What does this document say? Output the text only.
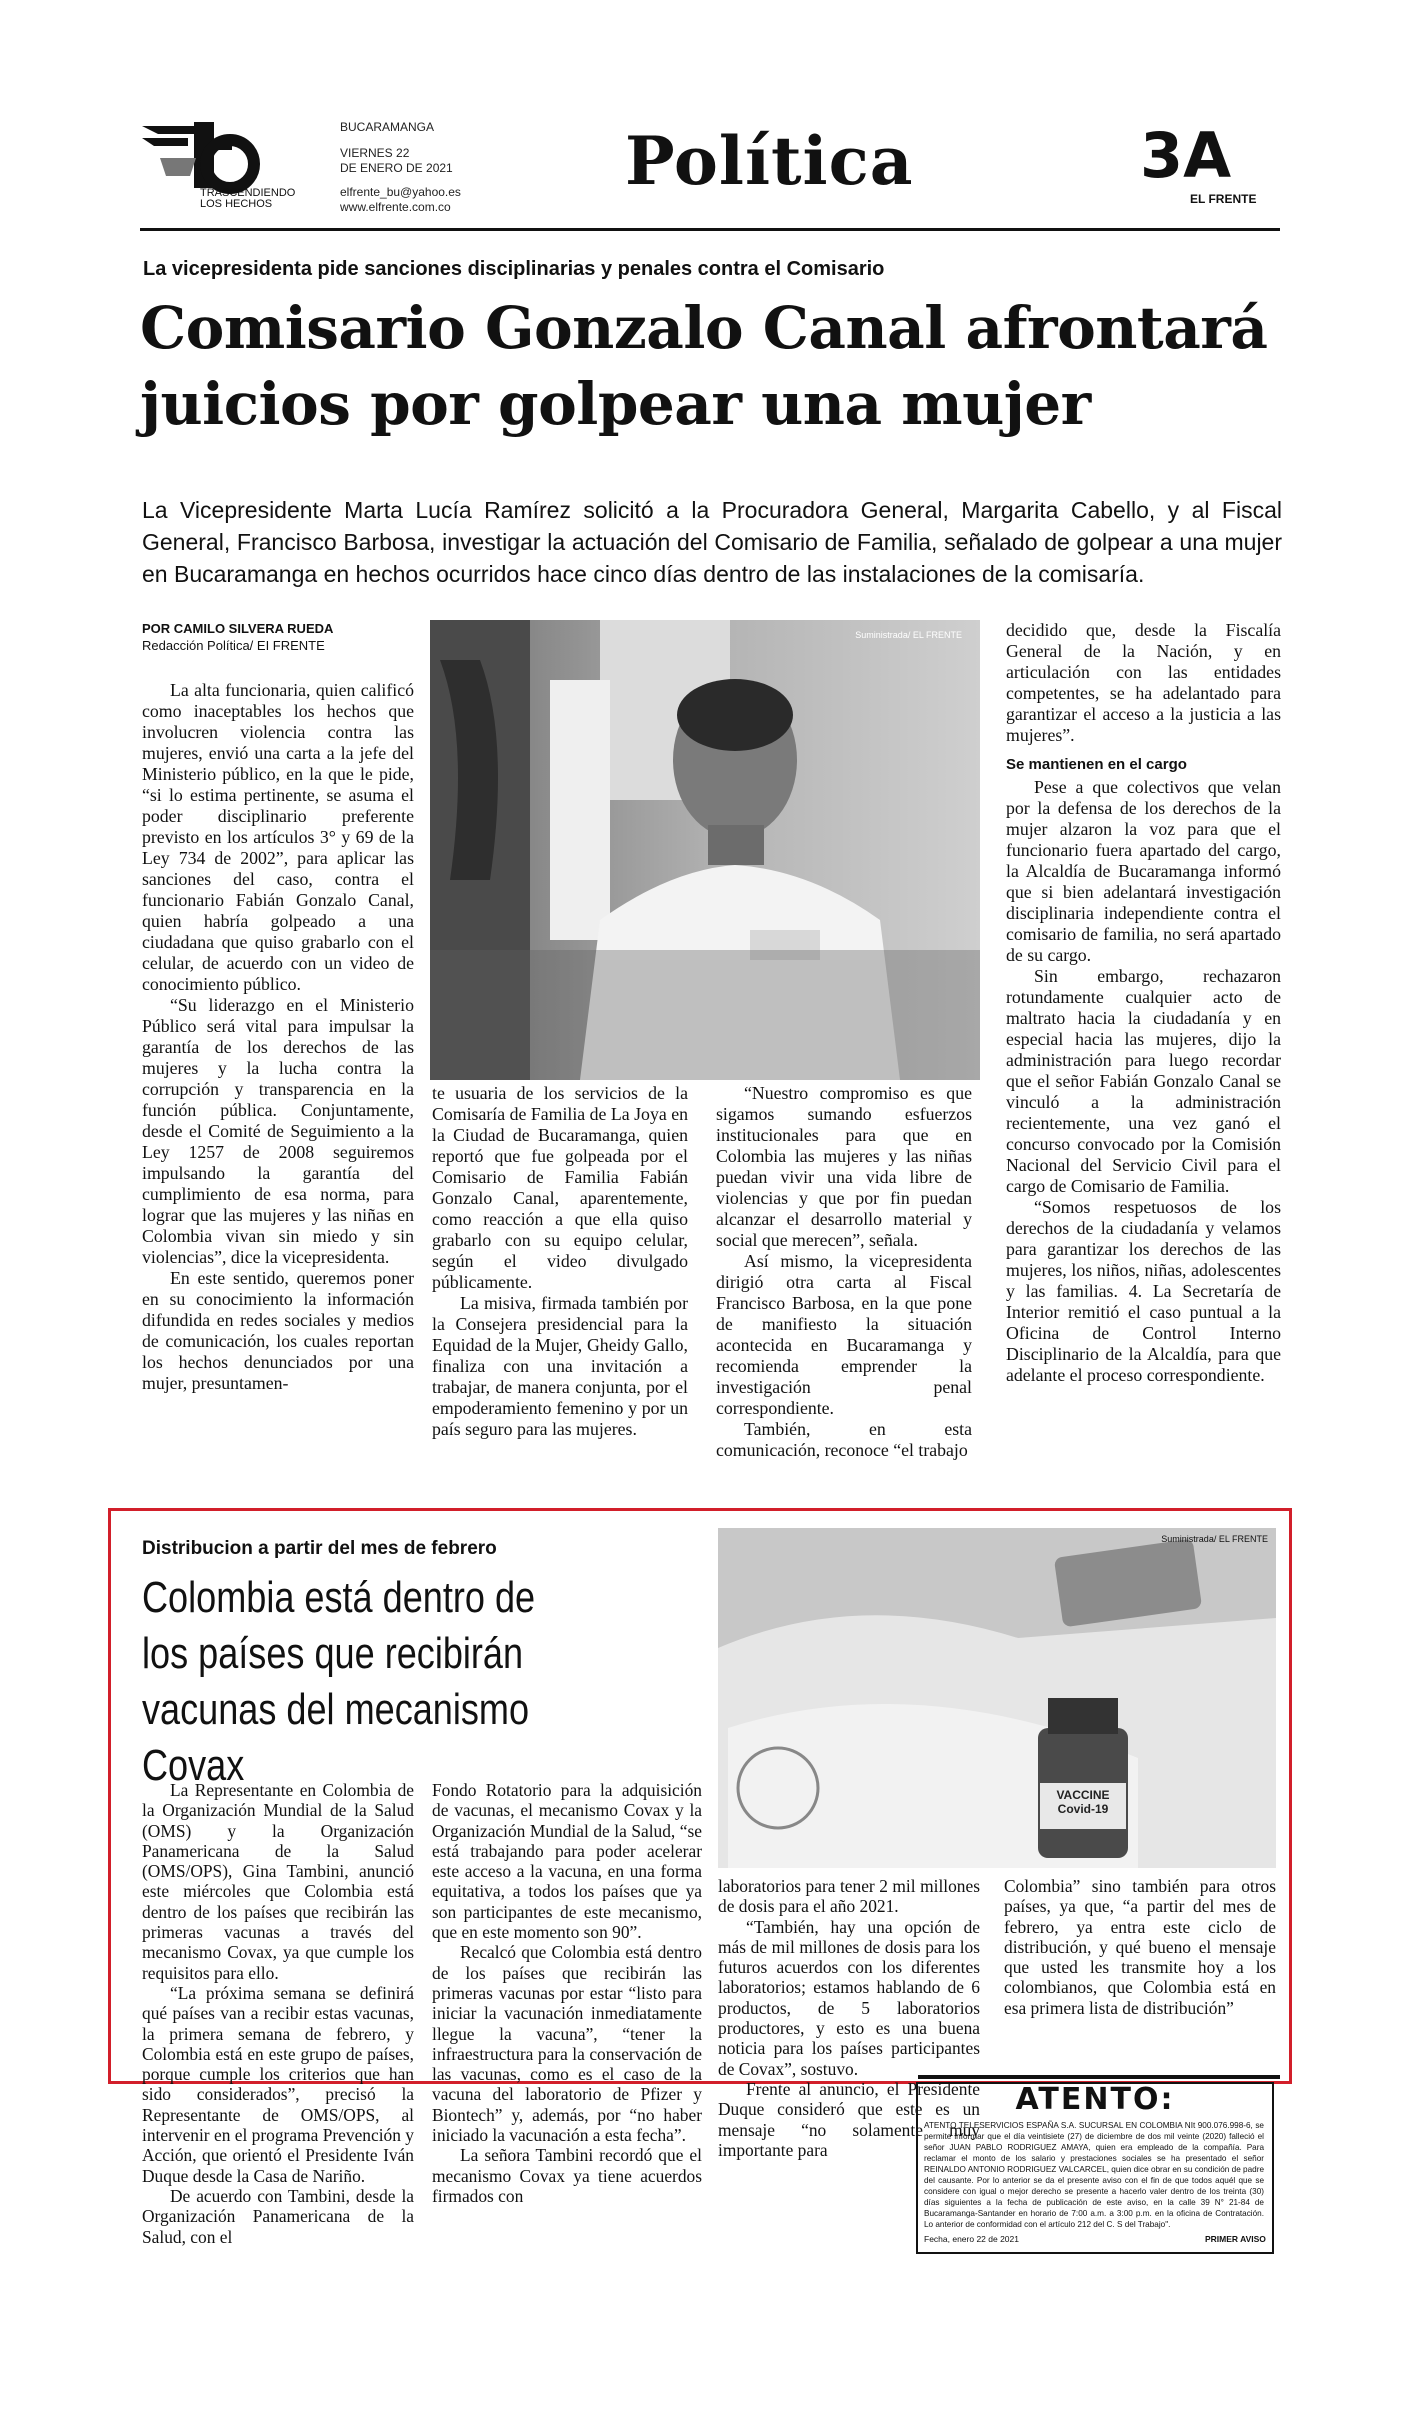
TRASCENDIENDO LOS HECHOS
BUCARAMANGA
VIERNES 22
DE ENERO DE 2021
elfrente_bu@yahoo.es
www.elfrente.com.co
Política	3A
EL FRENTE
La vicepresidenta pide sanciones disciplinarias y penales contra el Comisario
Comisario Gonzalo Canal afrontará juicios por golpear una mujer
La Vicepresidente Marta Lucía Ramírez solicitó a la Procuradora General, Margarita Cabello, y al Fiscal General, Francisco Barbosa, investigar la actuación del Comisario de Familia, señalado de golpear a una mujer en Bucaramanga en hechos ocurridos hace cinco días dentro de las instalaciones de la comisaría.
POR CAMILO SILVERA RUEDA
Redacción Política/ EI FRENTE

La alta funcionaria, quien calificó como inaceptables los hechos que involucren violencia contra las mujeres, envió una carta a la jefe del Ministerio público, en la que le pide, “si lo estima pertinente, se asuma el poder disciplinario preferente previsto en los artículos 3° y 69 de la Ley 734 de 2002”, para aplicar las sanciones del caso, contra el funcionario Fabián Gonzalo Canal, quien habría golpeado a una ciudadana que quiso grabarlo con el celular, de acuerdo con un video de conocimiento público.

“Su liderazgo en el Ministerio Público será vital para impulsar la garantía de los derechos de las mujeres y la lucha contra la corrupción y transparencia en la función pública. Conjuntamente, desde el Comité de Seguimiento a la Ley 1257 de 2008 seguiremos impulsando la garantía del cumplimiento de esa norma, para lograr que las mujeres y las niñas en Colombia vivan sin miedo y sin violencias”, dice la vicepresidenta.

En este sentido, queremos poner en su conocimiento la información difundida en redes sociales y medios de comunicación, los cuales reportan los hechos denunciados por una mujer, presuntamen-

Suministrada/ EL FRENTE

te usuaria de los servicios de la Comisaría de Familia de La Joya en la Ciudad de Bucaramanga, quien reportó que fue golpeada por el Comisario de Familia Fabián Gonzalo Canal, aparentemente, como reacción a que ella quiso grabarlo con su equipo celular, según el video divulgado públicamente.

La misiva, firmada también por la Consejera presidencial para la Equidad de la Mujer, Gheidy Gallo, finaliza con una invitación a trabajar, de manera conjunta, por el empoderamiento femenino y por un país seguro para las mujeres.

“Nuestro compromiso es que sigamos sumando esfuerzos institucionales para que en Colombia las mujeres y las niñas puedan vivir una vida libre de violencias y que por fin puedan alcanzar el desarrollo material y social que merecen”, señala.

Así mismo, la vicepresidenta dirigió otra carta al Fiscal Francisco Barbosa, en la que pone de manifiesto la situación acontecida en Bucaramanga y recomienda emprender la investigación penal correspondiente.

También, en esta comunicación, reconoce “el trabajo

decidido que, desde la Fiscalía General de la Nación, y en articulación con las entidades competentes, se ha adelantado para garantizar el acceso a la justicia a las mujeres”.

Se mantienen en el cargo

Pese a que colectivos que velan por la defensa de los derechos de la mujer alzaron la voz para que el funcionario fuera apartado del cargo, la Alcaldía de Bucaramanga informó que si bien adelantará investigación disciplinaria independiente contra el comisario de familia, no será apartado de su cargo.

Sin embargo, rechazaron rotundamente cualquier acto de maltrato hacia la ciudadanía y en especial hacia las mujeres, dijo la administración para luego recordar que el señor Fabián Gonzalo Canal se vinculó a la administración recientemente, una vez ganó el concurso convocado por la Comisión Nacional del Servicio Civil para el cargo de Comisario de Familia.

“Somos respetuosos de los derechos de la ciudadanía y velamos para garantizar los derechos de las mujeres, los niños, niñas, adolescentes y las familias. 4. La Secretaría de Interior remitió el caso puntual a la Oficina de Control Interno Disciplinario de la Alcaldía, para que adelante el proceso correspondiente.

Distribucion a partir del mes de febrero
Colombia está dentro de los países que recibirán vacunas del mecanismo Covax
Suministrada/ EL FRENTE
VACCINE Covid-19

La Representante en Colombia de la Organización Mundial de la Salud (OMS) y la Organización Panamericana de la Salud (OMS/OPS), Gina Tambini, anunció este miércoles que Colombia está dentro de los países que recibirán las primeras vacunas a través del mecanismo Covax, ya que cumple los requisitos para ello.

“La próxima semana se definirá qué países van a recibir estas vacunas, la primera semana de febrero, y Colombia está en este grupo de países, porque cumple los criterios que han sido considerados”, precisó la Representante de OMS/OPS, al intervenir en el programa Prevención y Acción, que orientó el Presidente Iván Duque desde la Casa de Nariño.

De acuerdo con Tambini, desde la Organización Panamericana de la Salud, con el

Fondo Rotatorio para la adquisición de vacunas, el mecanismo Covax y la Organización Mundial de la Salud, “se está trabajando para poder acelerar este acceso a la vacuna, en una forma equitativa, a todos los países que ya son participantes de este mecanismo, que en este momento son 90”.

Recalcó que Colombia está dentro de los países que recibirán las primeras vacunas por estar “listo para iniciar la vacunación inmediatamente llegue la vacuna”, “tener la infraestructura para la conservación de las vacunas, como es el caso de la vacuna del laboratorio de Pfizer y Biontech” y, además, por “no haber iniciado la vacunación a esta fecha”.

La señora Tambini recordó que el mecanismo Covax ya tiene acuerdos firmados con

laboratorios para tener 2 mil millones de dosis para el año 2021.

“También, hay una opción de más de mil millones de dosis para los futuros acuerdos con los diferentes laboratorios; estamos hablando de 6 productos, de 5 laboratorios productores, y esto es una buena noticia para los países participantes de Covax”, sostuvo.

Frente al anuncio, el Presidente Duque consideró que este es un mensaje “no solamente muy importante para

Colombia” sino también para otros países, ya que, “a partir del mes de febrero, ya entra este ciclo de distribución, y qué bueno el mensaje que usted les transmite hoy a los colombianos, que Colombia está en esa primera lista de distribución”

ATENTO:
ATENTO TELESERVICIOS ESPAÑA S.A. SUCURSAL EN COLOMBIA NIt 900.076.998-6, se permite informar que el día veintisiete (27) de diciembre de dos mil veinte (2020) falleció el señor JUAN PABLO RODRIGUEZ AMAYA, quien era empleado de la compañía. Para reclamar el monto de los salario y prestaciones sociales se ha presentado el señor REINALDO ANTONIO RODRIGUEZ VALCARCEL, quien dice obrar en su condición de padre del causante. Por lo anterior se da el presente aviso con el fin de que todos aquél que se considere con igual o mejor derecho se presente a hacerlo valer dentro de los treinta (30) días siguientes a la fecha de publicación de este aviso, en la calle 39 N° 21-84 de Bucaramanga-Santander en horario de 7:00 a.m. a 3:00 p.m. en la oficina de Contratación. Lo anterior de conformidad con el artículo 212 del C. S del Trabajo".
Fecha, enero 22 de 2021	PRIMER AVISO
